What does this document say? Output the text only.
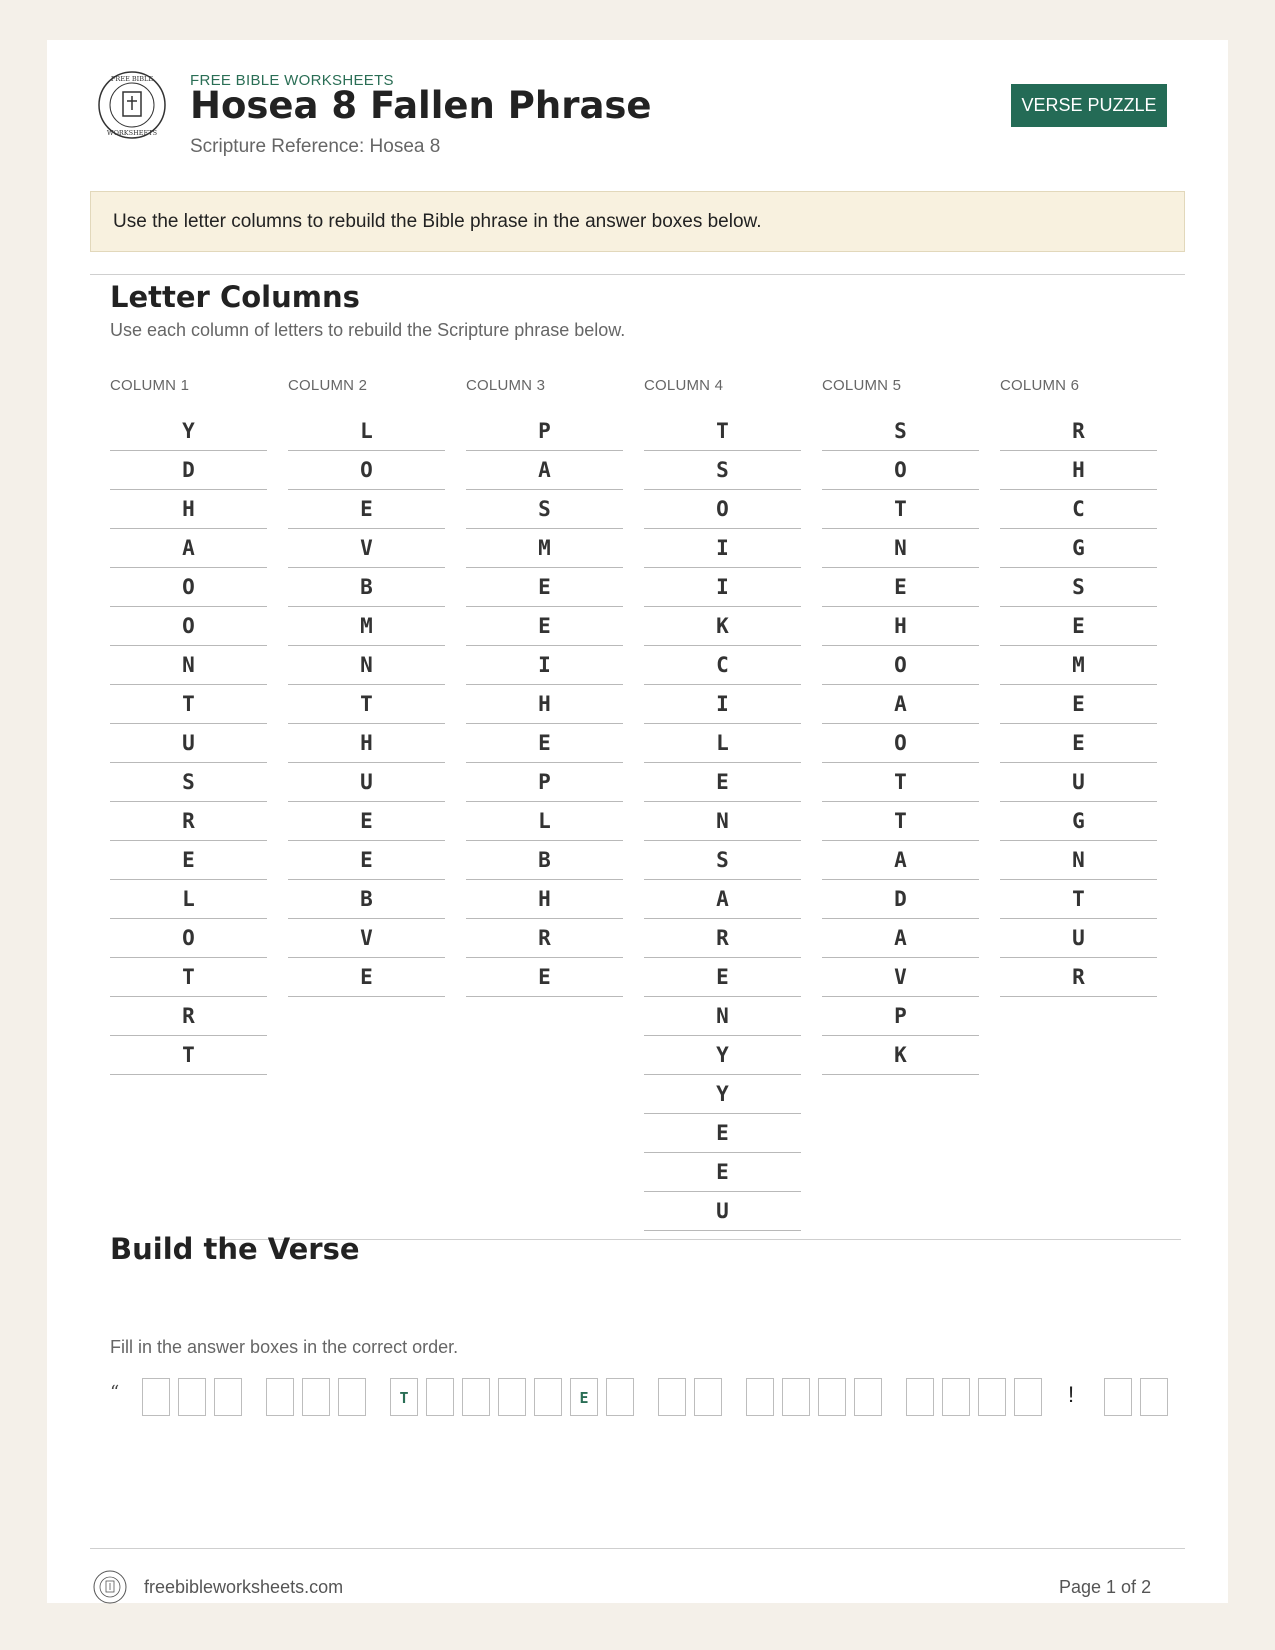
FREE BIBLE
WORKSHEETS
FREE BIBLE WORKSHEETS
Hosea 8 Fallen Phrase
Scripture Reference: Hosea 8
VERSE PUZZLE
Use the letter columns to rebuild the Bible phrase in the answer boxes below.
Letter Columns
Use each column of letters to rebuild the Scripture phrase below.
COLUMN 1
Y
D
H
A
O
O
N
T
U
S
R
E
L
O
T
R
T
COLUMN 2
L
O
E
V
B
M
N
T
H
U
E
E
B
V
E
COLUMN 3
P
A
S
M
E
E
I
H
E
P
L
B
H
R
E
COLUMN 4
T
S
O
I
I
K
C
I
L
E
N
S
A
R
E
N
Y
Y
E
E
U
COLUMN 5
S
O
T
N
E
H
O
A
O
T
T
A
D
A
V
P
K
COLUMN 6
R
H
C
G
S
E
M
E
E
U
G
N
T
U
R
Build the Verse
Fill in the answer boxes in the correct order.
“	T	E	!
freebibleworksheets.com	Page 1 of 2
